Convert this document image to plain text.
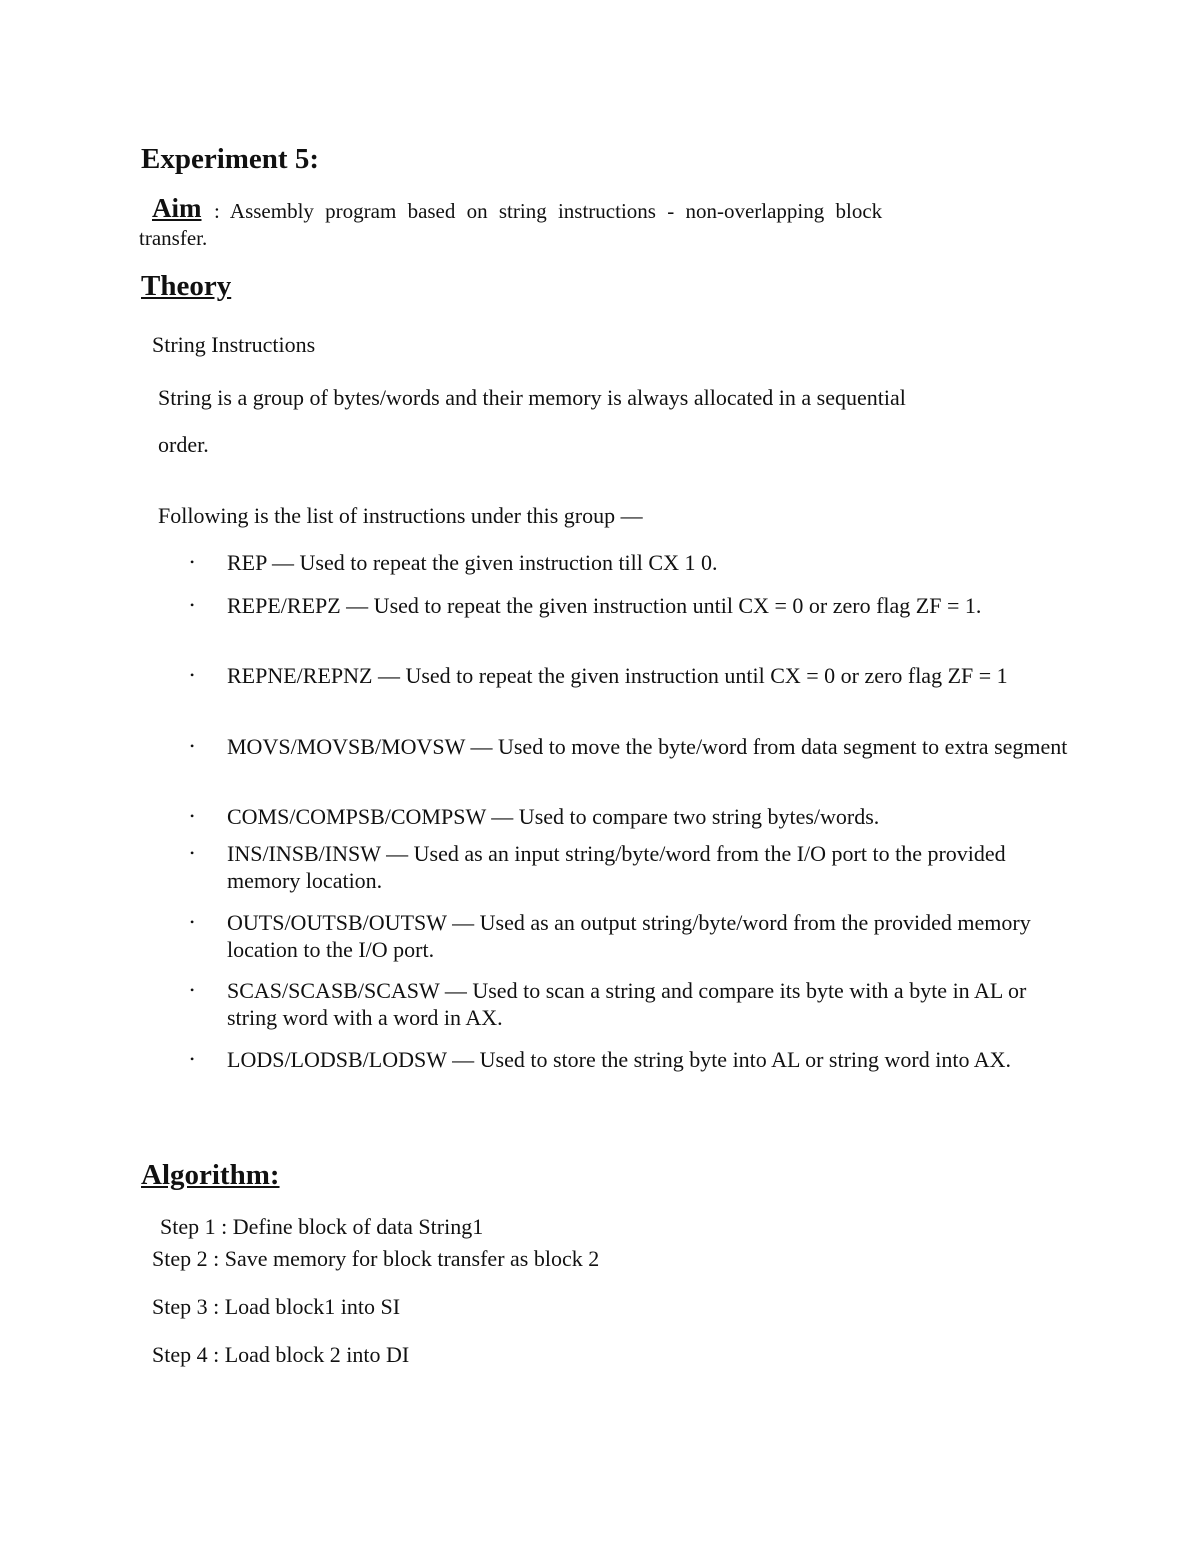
Experiment 5:
Aim : Assembly program based on string instructions - non-overlapping block
transfer.
Theory
String Instructions
String is a group of bytes/words and their memory is always allocated in a sequential
order.
Following is the list of instructions under this group —
• REP — Used to repeat the given instruction till CX 1 0.
• REPE/REPZ — Used to repeat the given instruction until CX = 0 or zero flag ZF = 1.
• REPNE/REPNZ — Used to repeat the given instruction until CX = 0 or zero flag ZF = 1
• MOVS/MOVSB/MOVSW — Used to move the byte/word from data segment to extra segment
• COMS/COMPSB/COMPSW — Used to compare two string bytes/words.
• INS/INSB/INSW — Used as an input string/byte/word from the I/O port to the provided memory location.
• OUTS/OUTSB/OUTSW — Used as an output string/byte/word from the provided memory location to the I/O port.
• SCAS/SCASB/SCASW — Used to scan a string and compare its byte with a byte in AL or string word with a word in AX.
• LODS/LODSB/LODSW — Used to store the string byte into AL or string word into AX.
Algorithm:
Step 1 : Define block of data String1
Step 2 : Save memory for block transfer as block 2
Step 3 : Load block1 into SI
Step 4 : Load block 2 into DI
